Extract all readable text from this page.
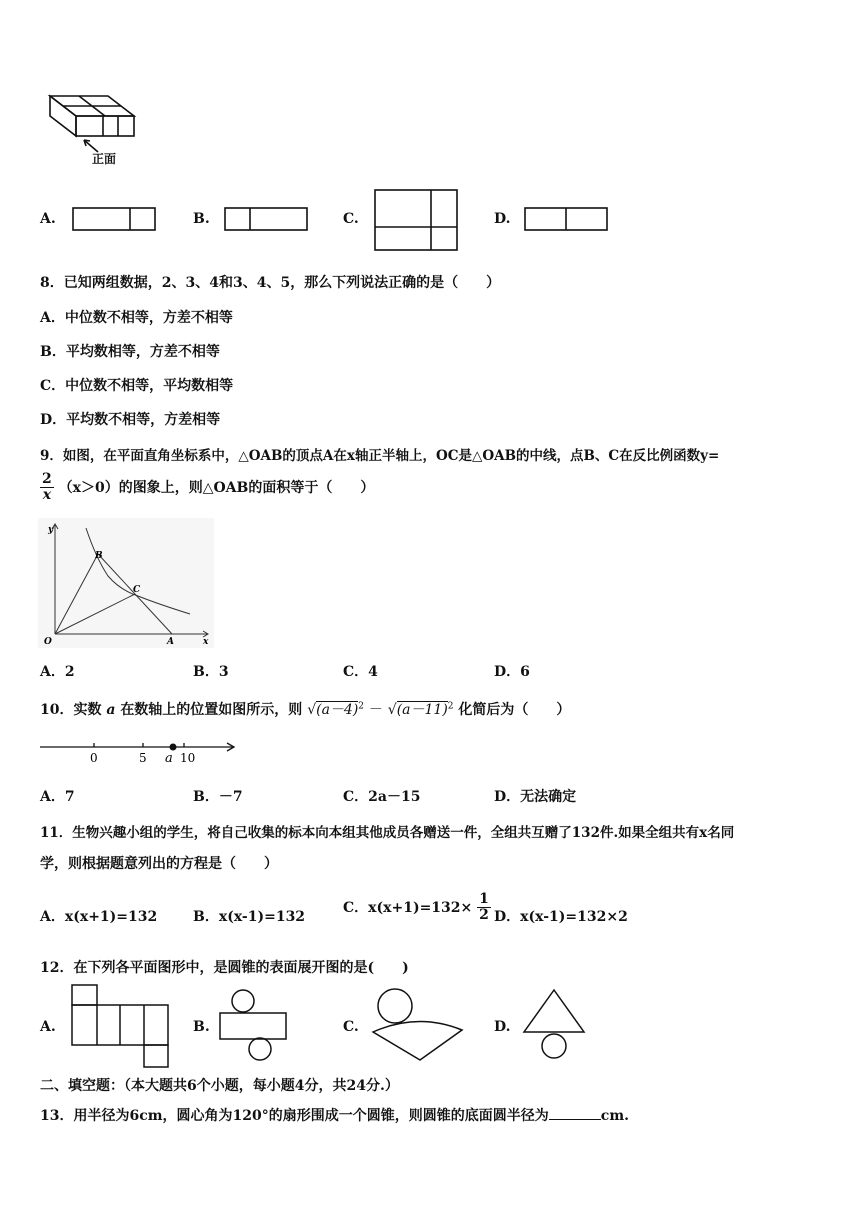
正面
A.	B.	C.	D.
8．已知两组数据，2、3、4和3、4、5，那么下列说法正确的是（　　）
A．中位数不相等，方差不相等
B．平均数相等，方差不相等
C．中位数不相等，平均数相等
D．平均数不相等，方差相等
9．如图，在平面直角坐标系中，△OAB的顶点A在x轴正半轴上，OC是△OAB的中线，点B、C在反比例函数y=
$\frac{2}{x} (x>0)$的图象上，则△OAB的面积等于（　　）
y
x
O	A
B
C
A．2	B．3	C．4	D．6
10．实数 a 在数轴上的位置如图所示，则 $√(a-4)^2 - √(a-11)^2$ 化简后为（　　）
0	5 a 10
A．7	B．－7	C．2a－15	D．无法确定
11．生物兴趣小组的学生，将自己收集的标本向本组其他成员各赠送一件，全组共互赠了132件.如果全组共有x名同
学，则根据题意列出的方程是（　　）
A．x(x+1)=132	B．x(x-1)=132
C．$x(x+1)=132\times \frac{1}{2}$ D．x(x-1)=132×2
12．在下列各平面图形中，是圆锥的表面展开图的是(　　)
A.	B.	C.	D.
二、填空题：（本大题共6个小题，每小题4分，共24分.）
13．用半径为6cm，圆心角为120°的扇形围成一个圆锥，则圆锥的底面圆半径为	cm.
